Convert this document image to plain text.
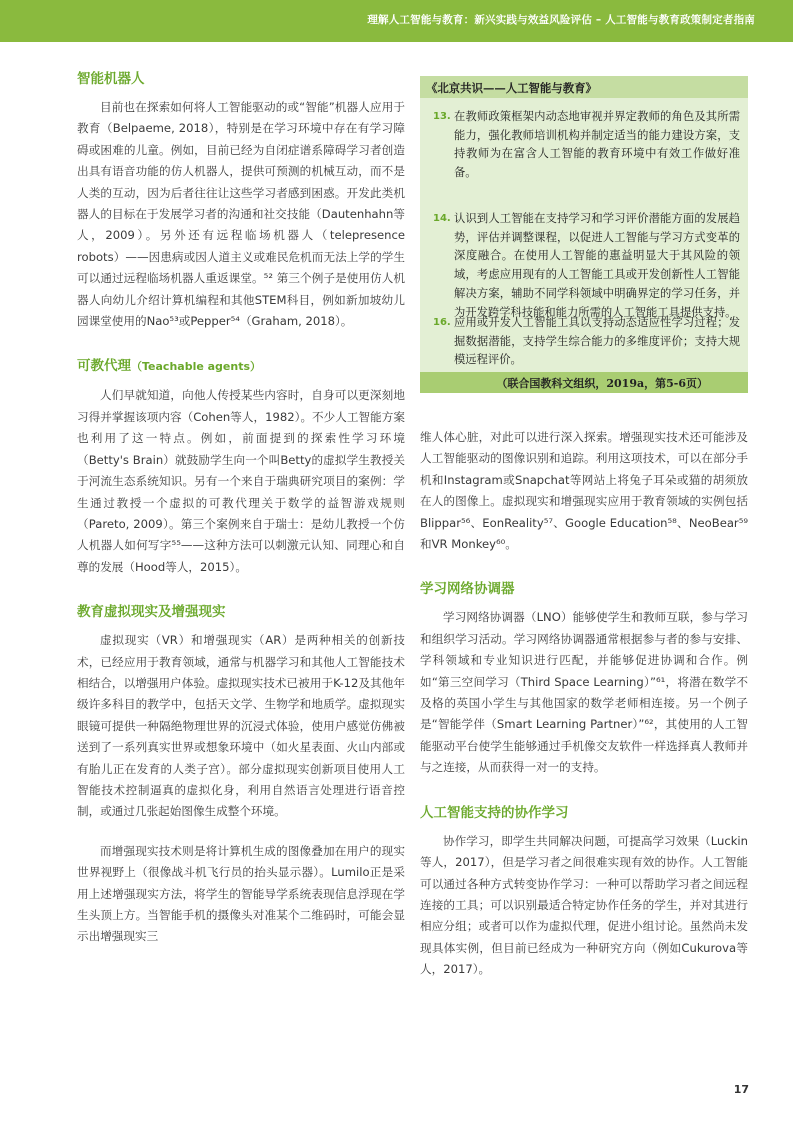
理解人工智能与教育：新兴实践与效益风险评估 – 人工智能与教育政策制定者指南
智能机器人

目前也在探索如何将人工智能驱动的或“智能”机器人应用于教育（Belpaeme, 2018），特别是在学习环境中存在有学习障碍或困难的儿童。例如，目前已经为自闭症谱系障碍学习者创造出具有语音功能的仿人机器人，提供可预测的机械互动，而不是人类的互动，因为后者往往让这些学习者感到困惑。开发此类机器人的目标在于发展学习者的沟通和社交技能（Dautenhahn等人，2009）。另外还有远程临场机器人（telepresence robots）——因患病或因人道主义或难民危机而无法上学的学生可以通过远程临场机器人重返课堂。⁵² 第三个例子是使用仿人机器人向幼儿介绍计算机编程和其他STEM科目，例如新加坡幼儿园课堂使用的Nao⁵³或Pepper⁵⁴（Graham, 2018）。

可教代理（Teachable agents）

人们早就知道，向他人传授某些内容时，自身可以更深刻地习得并掌握该项内容（Cohen等人，1982）。不少人工智能方案也利用了这一特点。例如，前面提到的探索性学习环境（Betty's Brain）就鼓励学生向一个叫Betty的虚拟学生教授关于河流生态系统知识。另有一个来自于瑞典研究项目的案例：学生通过教授一个虚拟的可教代理关于数学的益智游戏规则（Pareto, 2009）。第三个案例来自于瑞士：是幼儿教授一个仿人机器人如何写字⁵⁵——这种方法可以刺激元认知、同理心和自尊的发展（Hood等人，2015）。

教育虚拟现实及增强现实

虚拟现实（VR）和增强现实（AR）是两种相关的创新技术，已经应用于教育领域，通常与机器学习和其他人工智能技术相结合，以增强用户体验。虚拟现实技术已被用于K-12及其他年级许多科目的教学中，包括天文学、生物学和地质学。虚拟现实眼镜可提供一种隔绝物理世界的沉浸式体验，使用户感觉仿佛被送到了一系列真实世界或想象环境中（如火星表面、火山内部或有胎儿正在发育的人类子宫）。部分虚拟现实创新项目使用人工智能技术控制逼真的虚拟化身，利用自然语言处理进行语音控制，或通过几张起始图像生成整个环境。

而增强现实技术则是将计算机生成的图像叠加在用户的现实世界视野上（很像战斗机飞行员的抬头显示器）。Lumilo正是采用上述增强现实方法，将学生的智能导学系统表现信息浮现在学生头顶上方。当智能手机的摄像头对准某个二维码时，可能会显示出增强现实三

《北京共识——人工智能与教育》
13. 在教师政策框架内动态地审视并界定教师的角色及其所需能力，强化教师培训机构并制定适当的能力建设方案，支持教师为在富含人工智能的教育环境中有效工作做好准备。
14. 认识到人工智能在支持学习和学习评价潜能方面的发展趋势，评估并调整课程，以促进人工智能与学习方式变革的深度融合。在使用人工智能的惠益明显大于其风险的领域，考虑应用现有的人工智能工具或开发创新性人工智能解决方案，辅助不同学科领域中明确界定的学习任务，并为开发跨学科技能和能力所需的人工智能工具提供支持。
16. 应用或开发人工智能工具以支持动态适应性学习过程；发掘数据潜能，支持学生综合能力的多维度评价；支持大规模远程评价。
（联合国教科文组织，2019a，第5-6页）

维人体心脏，对此可以进行深入探索。增强现实技术还可能涉及人工智能驱动的图像识别和追踪。利用这项技术，可以在部分手机和Instagram或Snapchat等网站上将兔子耳朵或猫的胡须放在人的图像上。虚拟现实和增强现实应用于教育领域的实例包括Blippar⁵⁶、EonReality⁵⁷、Google Education⁵⁸、NeoBear⁵⁹和VR Monkey⁶⁰。

学习网络协调器

学习网络协调器（LNO）能够使学生和教师互联，参与学习和组织学习活动。学习网络协调器通常根据参与者的参与安排、学科领域和专业知识进行匹配，并能够促进协调和合作。例如“第三空间学习（Third Space Learning）”⁶¹，将潜在数学不及格的英国小学生与其他国家的数学老师相连接。另一个例子是“智能学伴（Smart Learning Partner）”⁶²，其使用的人工智能驱动平台使学生能够通过手机像交友软件一样选择真人教师并与之连接，从而获得一对一的支持。

人工智能支持的协作学习

协作学习，即学生共同解决问题，可提高学习效果（Luckin等人，2017），但是学习者之间很难实现有效的协作。人工智能可以通过各种方式转变协作学习：一种可以帮助学习者之间远程连接的工具；可以识别最适合特定协作任务的学生，并对其进行相应分组；或者可以作为虚拟代理，促进小组讨论。虽然尚未发现具体实例，但目前已经成为一种研究方向（例如Cukurova等人，2017）。

17
